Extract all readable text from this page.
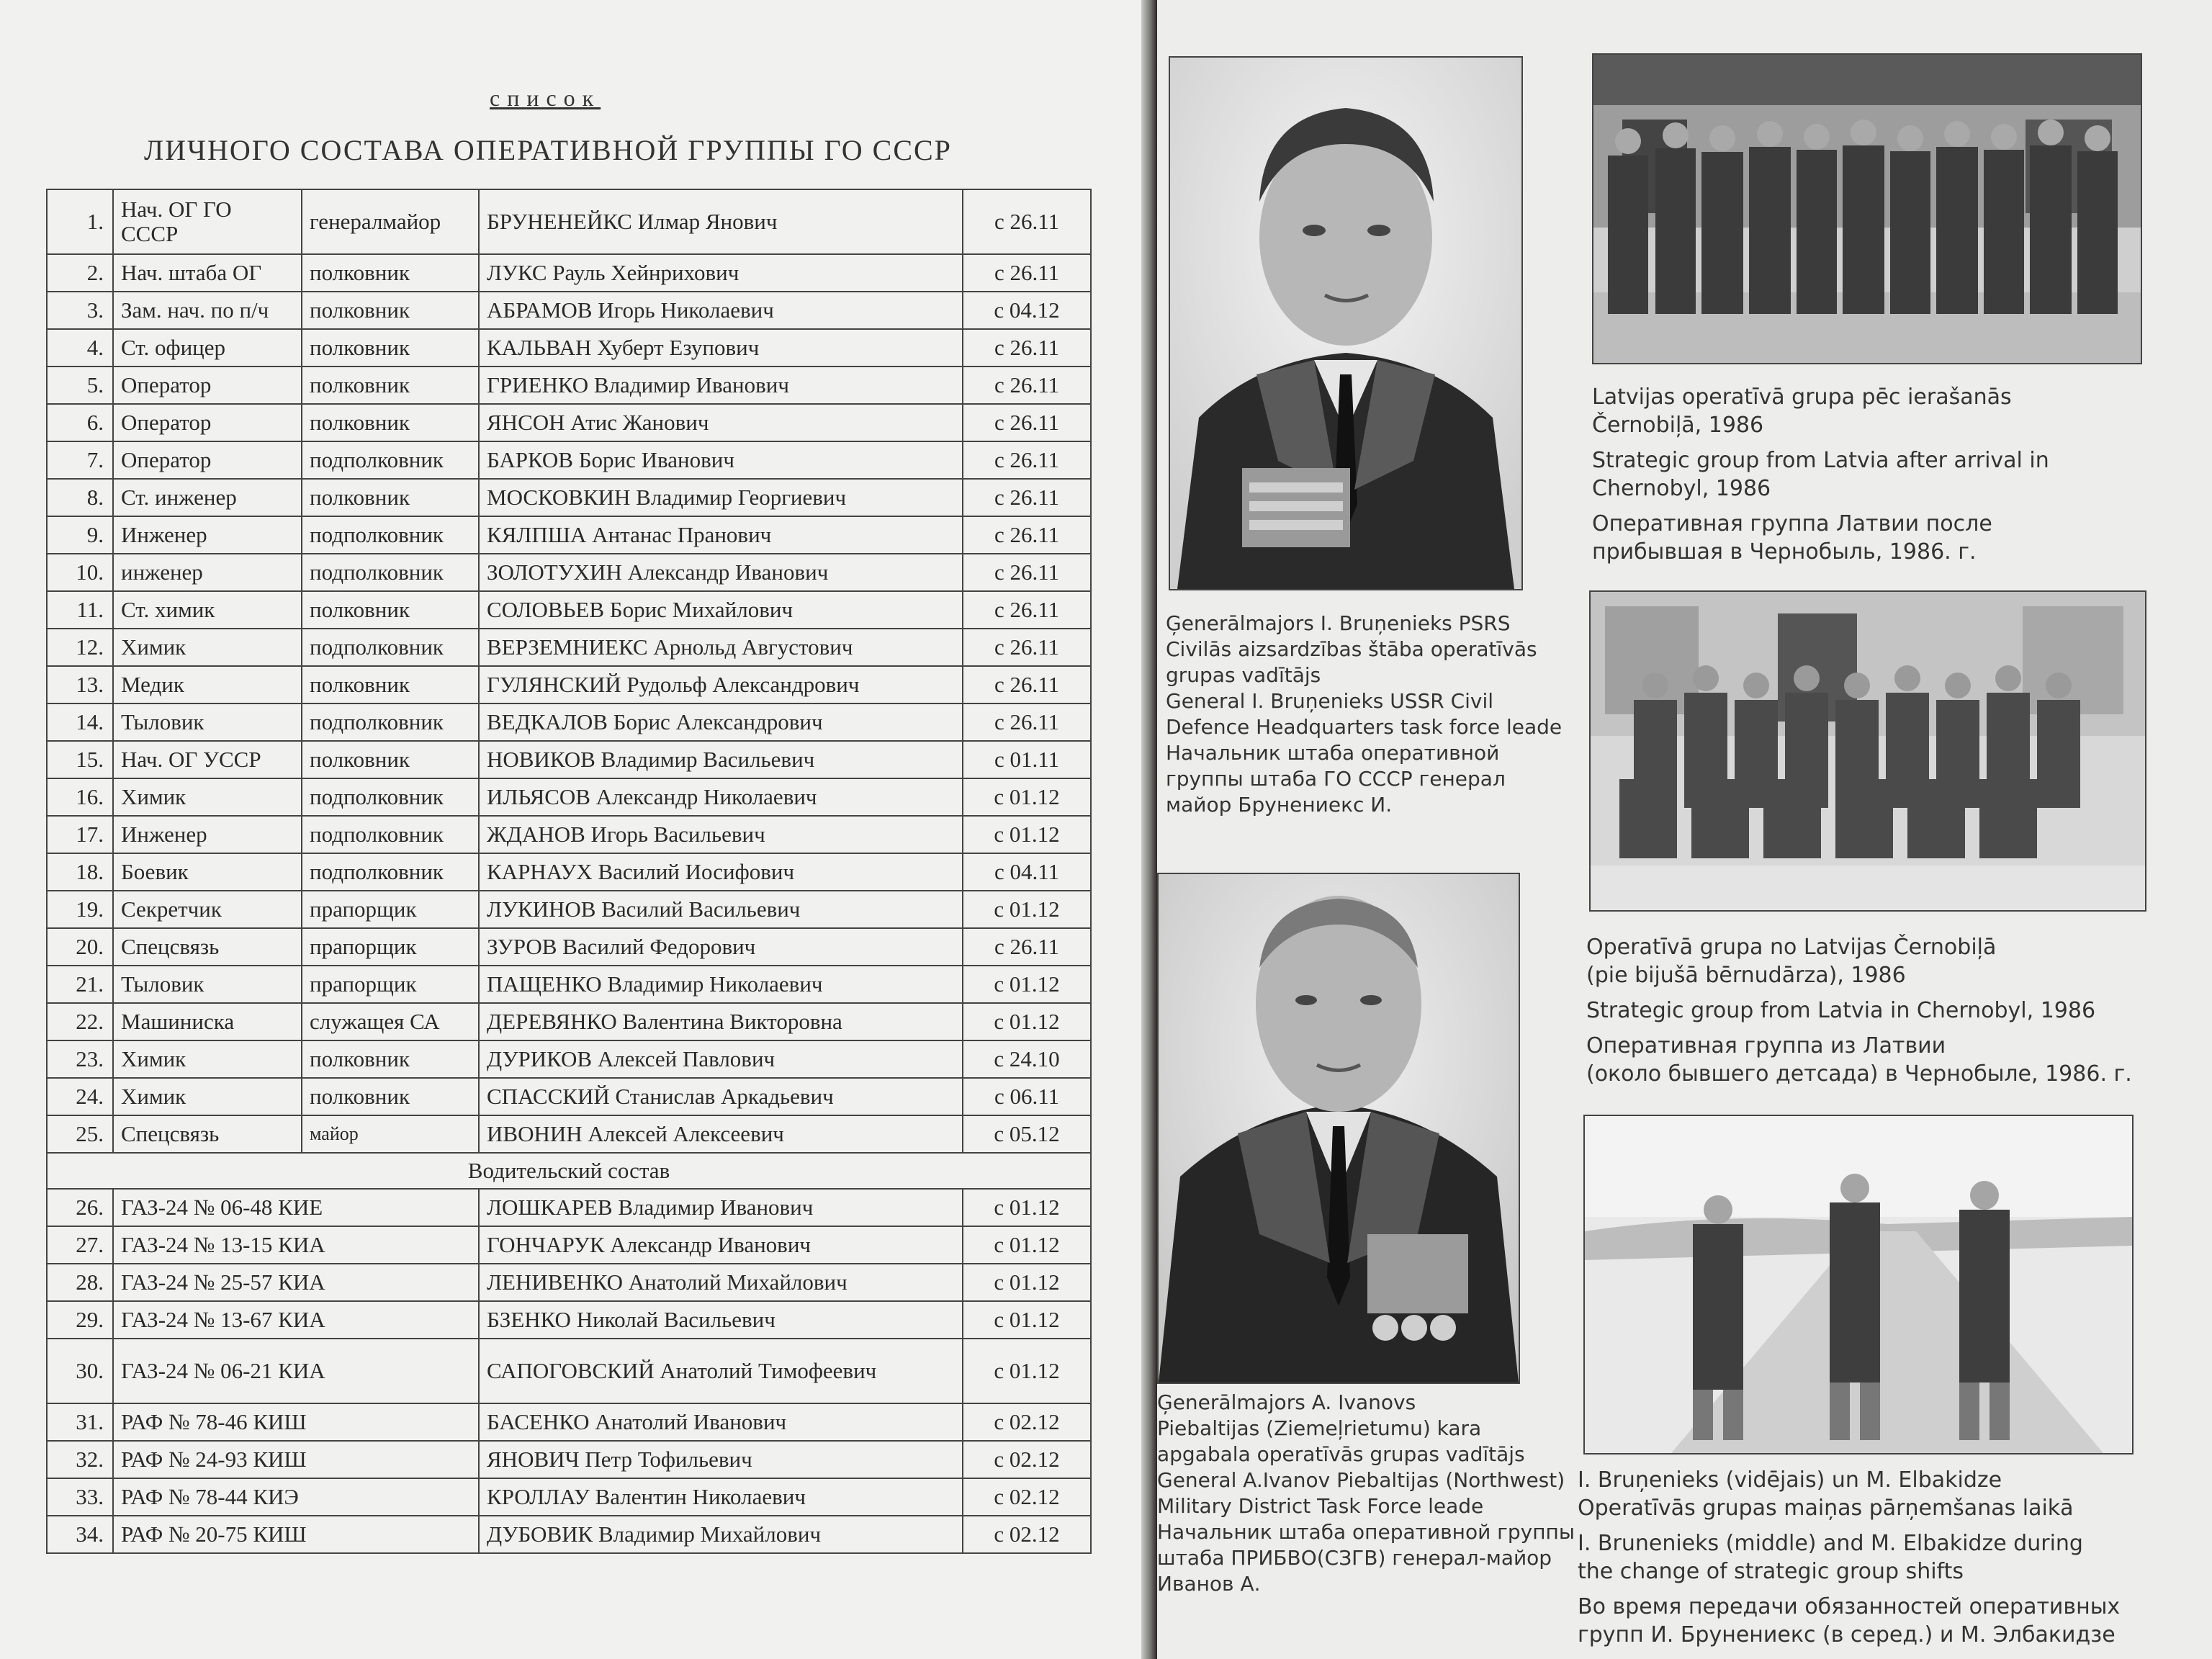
список
ЛИЧНОГО СОСТАВА ОПЕРАТИВНОЙ ГРУППЫ ГО СССР
1.	Нач. ОГ ГО СССР	генералмайор	БРУНЕНЕЙКС Илмар Янович	с 26.11
2.	Нач. штаба ОГ	полковник	ЛУКС Рауль Хейнрихович	с 26.11
3.	Зам. нач. по п/ч	полковник	АБРАМОВ Игорь Николаевич	с 04.12
4.	Ст. офицер	полковник	КАЛЬВАН Хуберт Езупович	с 26.11
5.	Оператор	полковник	ГРИЕНКО Владимир Иванович	с 26.11
6.	Оператор	полковник	ЯНСОН Атис Жанович	с 26.11
7.	Оператор	подполковник	БАРКОВ Борис Иванович	с 26.11
8.	Ст. инженер	полковник	МОСКОВКИН Владимир Георгиевич	с 26.11
9.	Инженер	подполковник	КЯЛПША Антанас Пранович	с 26.11
10.	инженер	подполковник	ЗОЛОТУХИН Александр Иванович	с 26.11
11.	Ст. химик	полковник	СОЛОВЬЕВ Борис Михайлович	с 26.11
12.	Химик	подполковник	ВЕРЗЕМНИЕКС Арнольд Августович	с 26.11
13.	Медик	полковник	ГУЛЯНСКИЙ Рудольф Александрович	с 26.11
14.	Тыловик	подполковник	ВЕДКАЛОВ Борис Александрович	с 26.11
15.	Нач. ОГ УССР	полковник	НОВИКОВ Владимир Васильевич	с 01.11
16.	Химик	подполковник	ИЛЬЯСОВ Александр Николаевич	с 01.12
17.	Инженер	подполковник	ЖДАНОВ Игорь Васильевич	с 01.12
18.	Боевик	подполковник	КАРНАУХ Василий Иосифович	с 04.11
19.	Секретчик	прапорщик	ЛУКИНОВ Василий Васильевич	с 01.12
20.	Спецсвязь	прапорщик	ЗУРОВ Василий Федорович	с 26.11
21.	Тыловик	прапорщик	ПАЩЕНКО Владимир Николаевич	с 01.12
22.	Машиниска	служащея СА	ДЕРЕВЯНКО Валентина Викторовна	с 01.12
23.	Химик	полковник	ДУРИКОВ Алексей Павлович	с 24.10
24.	Химик	полковник	СПАССКИЙ Станислав Аркадьевич	с 06.11
25.	Спецсвязь	майор	ИВОНИН Алексей Алексеевич	с 05.12
Водительский состав				
26.	ГАЗ-24 № 06-48 КИЕ		ЛОШКАРЕВ Владимир Иванович	с 01.12
27.	ГАЗ-24 № 13-15 КИА		ГОНЧАРУК Александр Иванович	с 01.12
28.	ГАЗ-24 № 25-57 КИА		ЛЕНИВЕНКО Анатолий Михайлович	с 01.12
29.	ГАЗ-24 № 13-67 КИА		БЗЕНКО Николай Васильевич	с 01.12
30.	ГАЗ-24 № 06-21 КИА		САПОГОВСКИЙ Анатолий Тимофеевич	с 01.12
31.	РАФ № 78-46 КИШ		БАСЕНКО Анатолий Иванович	с 02.12
32.	РАФ № 24-93 КИШ		ЯНОВИЧ Петр Тофильевич	с 02.12
33.	РАФ № 78-44 КИЭ		КРОЛЛАУ Валентин Николаевич	с 02.12
34.	РАФ № 20-75 КИШ		ДУБОВИК Владимир Михайлович	с 02.12
Ģenerālmajors I. Bruņenieks PSRS
Civilās aizsardzības štāba operatīvās
grupas vadītājs
General I. Bruņenieks USSR Civil
Defence Headquarters task force leade
Начальник штаба оперативной
группы штаба ГО СССР генерал
майор Брунениекс И.
Ģenerālmajors A. Ivanovs
Piebaltijas (Ziemeļrietumu) kara
apgabala operatīvās grupas vadītājs
General A.Ivanov Piebaltijas (Northwest)
Military District Task Force leade
Начальник штаба оперативной группы
штаба ПРИБВО(СЗГВ) генерал-майор
Иванов А.
Latvijas operatīvā grupa pēc ierašanās
Černobiļā, 1986
Strategic group from Latvia after arrival in
Chernobyl, 1986
Оперативная группа Латвии после
прибывшая в Чернобыль, 1986. г.
Operatīvā grupa no Latvijas Černobiļā
(pie bijušā bērnudārza), 1986
Strategic group from Latvia in Chernobyl, 1986
Оперативная группа из Латвии
(около бывшего детсада) в Чернобыле, 1986. г.
I. Bruņenieks (vidējais) un M. Elbakidze
Operatīvās grupas maiņas pārņemšanas laikā
I. Brunenieks (middle) and M. Elbakidze during
the change of strategic group shifts
Во время передачи обязанностей оперативных
групп И. Брунениекс (в серед.) и М. Элбакидзе
